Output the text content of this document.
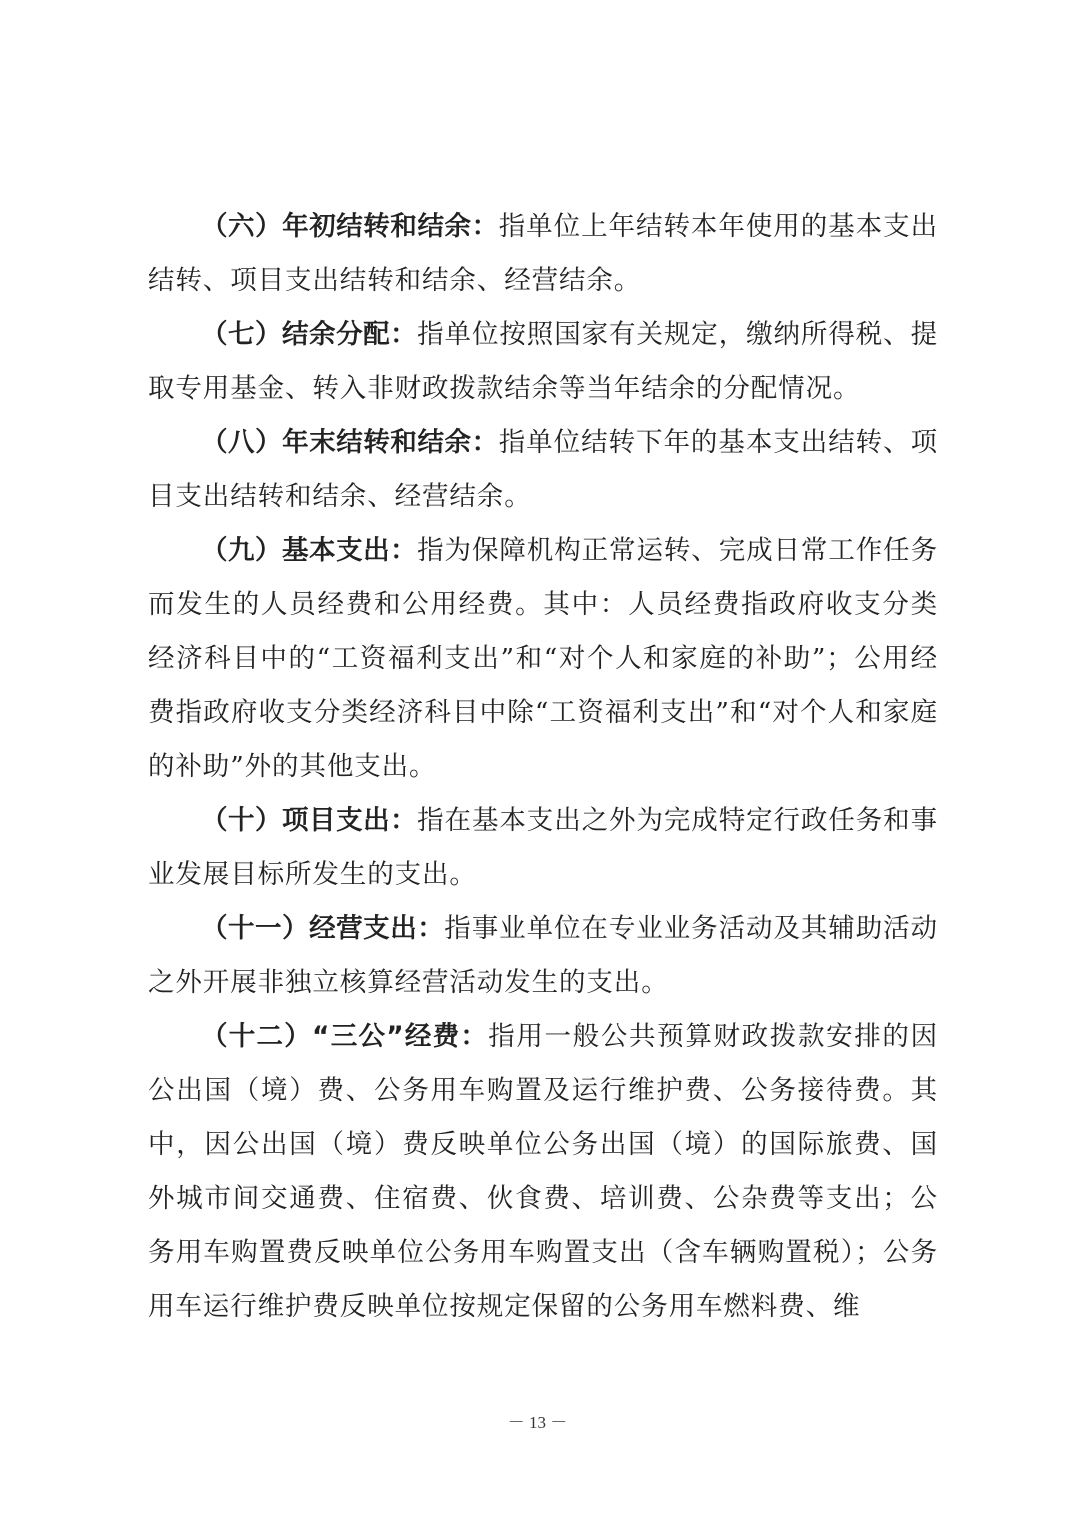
（六）年初结转和结余：指单位上年结转本年使用的基本支出结转、项目支出结转和结余、经营结余。

（七）结余分配：指单位按照国家有关规定，缴纳所得税、提取专用基金、转入非财政拨款结余等当年结余的分配情况。

（八）年末结转和结余：指单位结转下年的基本支出结转、项目支出结转和结余、经营结余。

（九）基本支出：指为保障机构正常运转、完成日常工作任务而发生的人员经费和公用经费。其中：人员经费指政府收支分类经济科目中的“工资福利支出”和“对个人和家庭的补助”；公用经费指政府收支分类经济科目中除“工资福利支出”和“对个人和家庭的补助”外的其他支出。

（十）项目支出：指在基本支出之外为完成特定行政任务和事业发展目标所发生的支出。

（十一）经营支出：指事业单位在专业业务活动及其辅助活动之外开展非独立核算经营活动发生的支出。

（十二）“三公”经费：指用一般公共预算财政拨款安排的因公出国（境）费、公务用车购置及运行维护费、公务接待费。其中，因公出国（境）费反映单位公务出国（境）的国际旅费、国外城市间交通费、住宿费、伙食费、培训费、公杂费等支出；公务用车购置费反映单位公务用车购置支出（含车辆购置税）；公务用车运行维护费反映单位按规定保留的公务用车燃料费、维

－ 13 －
